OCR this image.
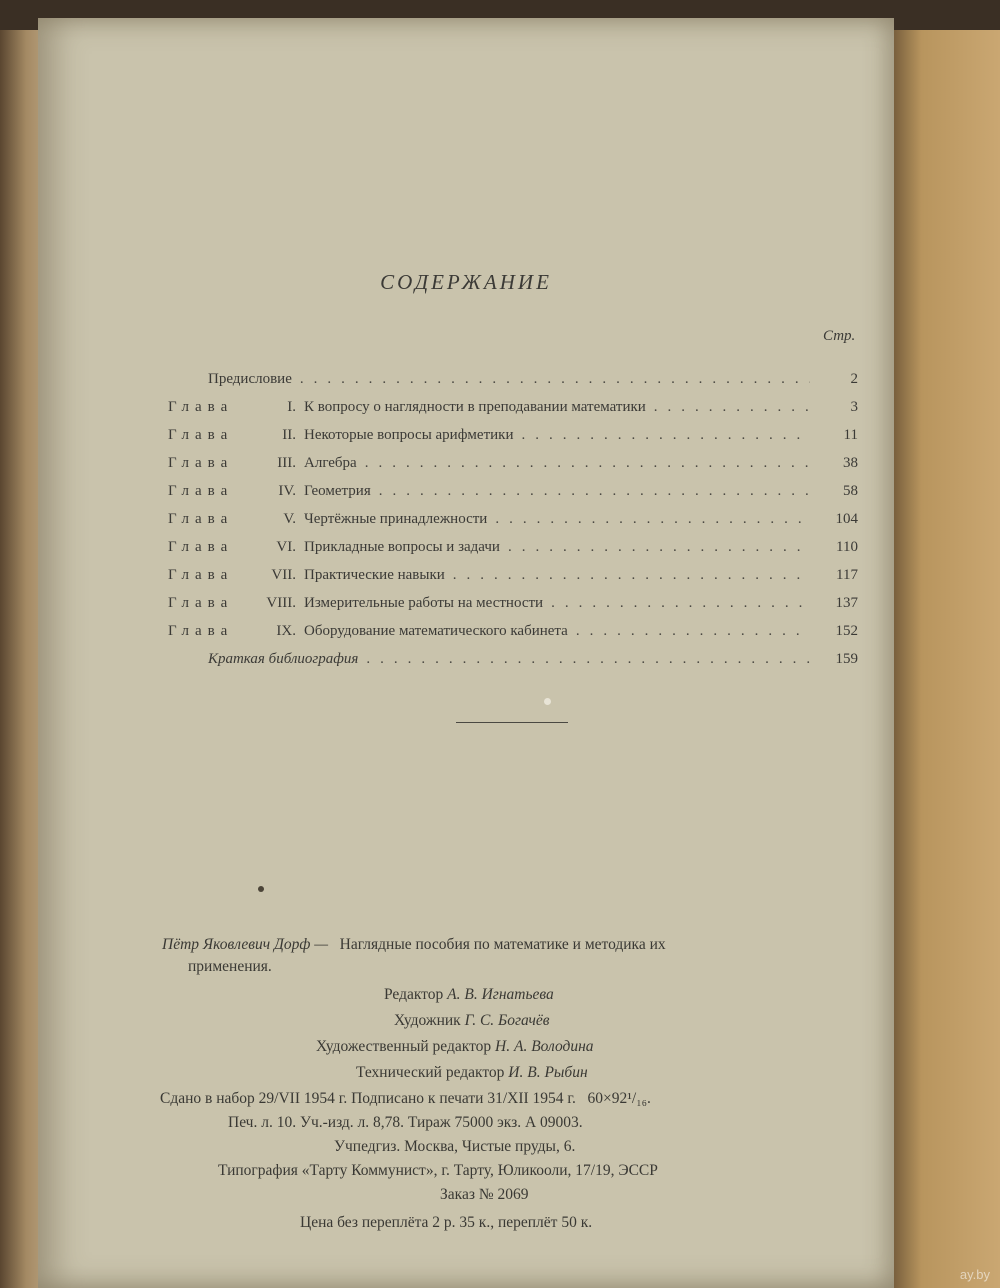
СОДЕРЖАНИЕ
Стр.
Предисловие .....	2
Глава	I. К вопросу о наглядности в преподавании математики .....	3
Глава	II. Некоторые вопросы арифметики .....	11
Глава	III. Алгебра .....	38
Глава	IV. Геометрия .....	58
Глава	V. Чертёжные принадлежности .....	104
Глава	VI. Прикладные вопросы и задачи .....	110
Глава	VII. Практические навыки .....	117
Глава	VIII. Измерительные работы на местности .....	137
Глава	IX. Оборудование математического кабинета .....	152
Краткая библиография .....	159
Пётр Яковлевич Дорф — Наглядные пособия по математике и методика их
применения.
Редактор А. В. Игнатьева
Художник Г. С. Богачёв
Художественный редактор Н. А. Володина
Технический редактор И. В. Рыбин
Сдано в набор 29/VII 1954 г. Подписано к печати 31/XII 1954 г. 60×92¹/₁₆.
Печ. л. 10. Уч.-изд. л. 8,78. Тираж 75000 экз. А 09003.
Учпедгиз. Москва, Чистые пруды, 6.
Типография «Тарту Коммунист», г. Тарту, Юликооли, 17/19, ЭССР
Заказ № 2069
Цена без переплёта 2 р. 35 к., переплёт 50 к.
ay.by
